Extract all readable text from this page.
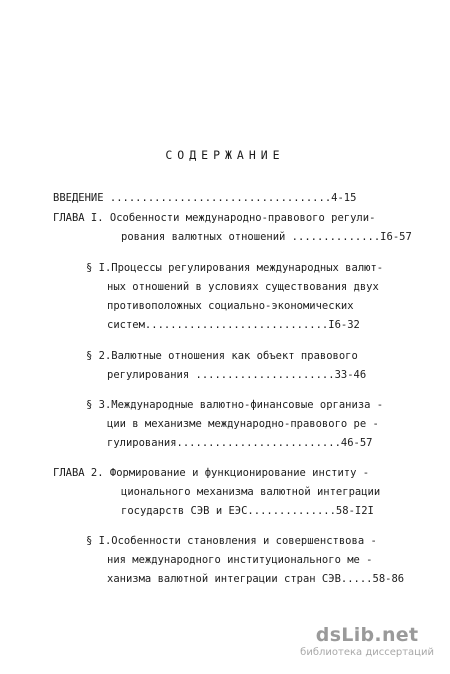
СОДЕРЖАНИЕ
ВВЕДЕНИЕ ...................................4-15
ГЛАВА I. Особенности международно-правового регули-
рования валютных отношений ..............I6-57
§ I.Процессы регулирования международных валют-
ных отношений в условиях существования двух
противоположных социально-экономических
систем.............................I6-32
§ 2.Валютные отношения как объект правового
регулирования ......................33-46
§ 3.Международные валютно-финансовые организа -
ции в механизме международно-правового ре -
гулирования..........................46-57
ГЛАВА 2. Формирование и функционирование институ -
ционального механизма валютной интеграции
государств СЭВ и ЕЭС..............58-I2I
§ I.Особенности становления и совершенствова -
ния международного институционального ме -
ханизма валютной интеграции стран СЭВ.....58-86
dsLib.net
библиотека диссертаций
